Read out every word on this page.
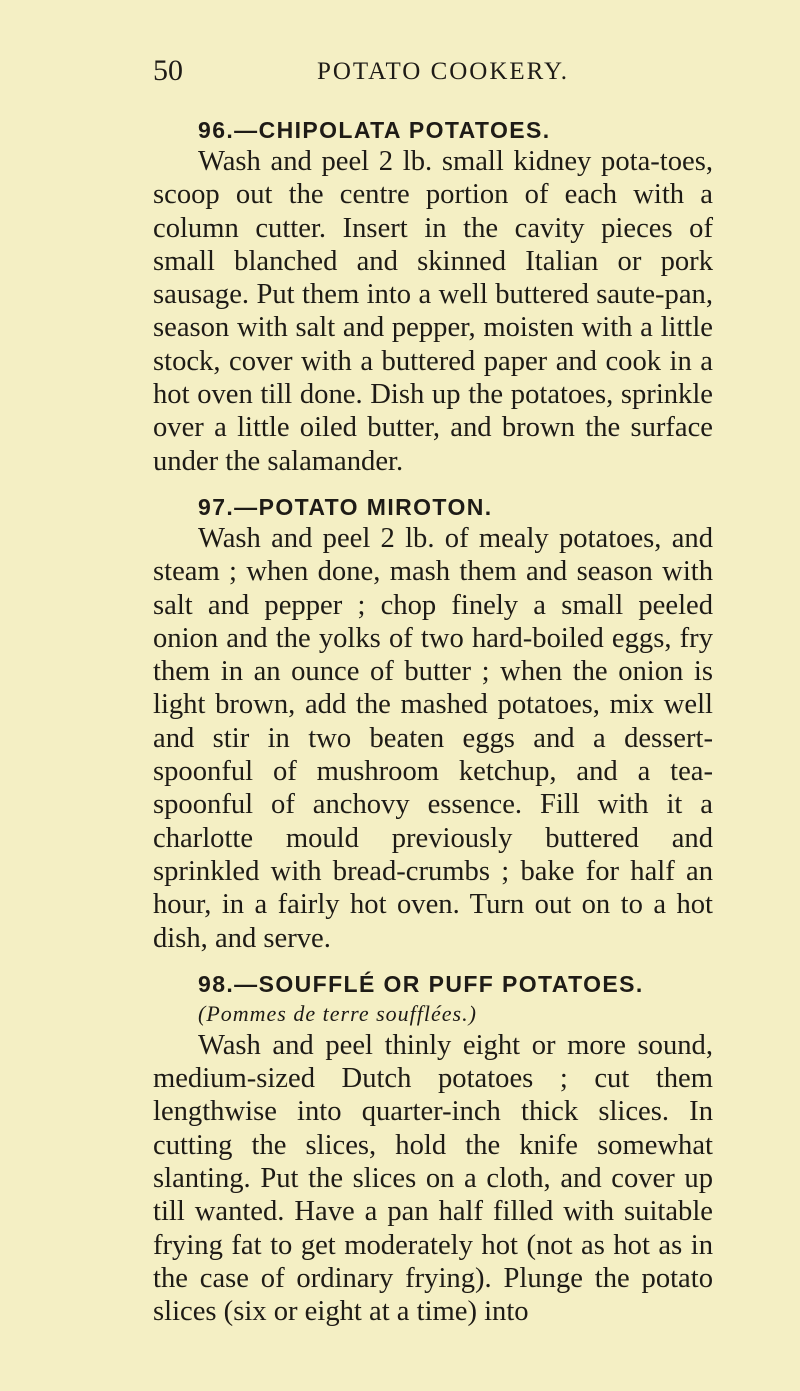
50	POTATO COOKERY.
96.—CHIPOLATA POTATOES.

Wash and peel 2 lb. small kidney pota-toes, scoop out the centre portion of each with a column cutter. Insert in the cavity pieces of small blanched and skinned Italian or pork sausage. Put them into a well buttered saute-pan, season with salt and pepper, moisten with a little stock, cover with a buttered paper and cook in a hot oven till done. Dish up the potatoes, sprinkle over a little oiled butter, and brown the surface under the salamander.

97.—POTATO MIROTON.

Wash and peel 2 lb. of mealy potatoes, and steam ; when done, mash them and season with salt and pepper ; chop finely a small peeled onion and the yolks of two hard-boiled eggs, fry them in an ounce of butter ; when the onion is light brown, add the mashed potatoes, mix well and stir in two beaten eggs and a dessert-spoonful of mushroom ketchup, and a tea-spoonful of anchovy essence. Fill with it a charlotte mould previously buttered and sprinkled with bread-crumbs ; bake for half an hour, in a fairly hot oven. Turn out on to a hot dish, and serve.

98.—SOUFFLÉ OR PUFF POTATOES.
(Pommes de terre soufflées.)

Wash and peel thinly eight or more sound, medium-sized Dutch potatoes ; cut them lengthwise into quarter-inch thick slices. In cutting the slices, hold the knife somewhat slanting. Put the slices on a cloth, and cover up till wanted. Have a pan half filled with suitable frying fat to get moderately hot (not as hot as in the case of ordinary frying). Plunge the potato slices (six or eight at a time) into
